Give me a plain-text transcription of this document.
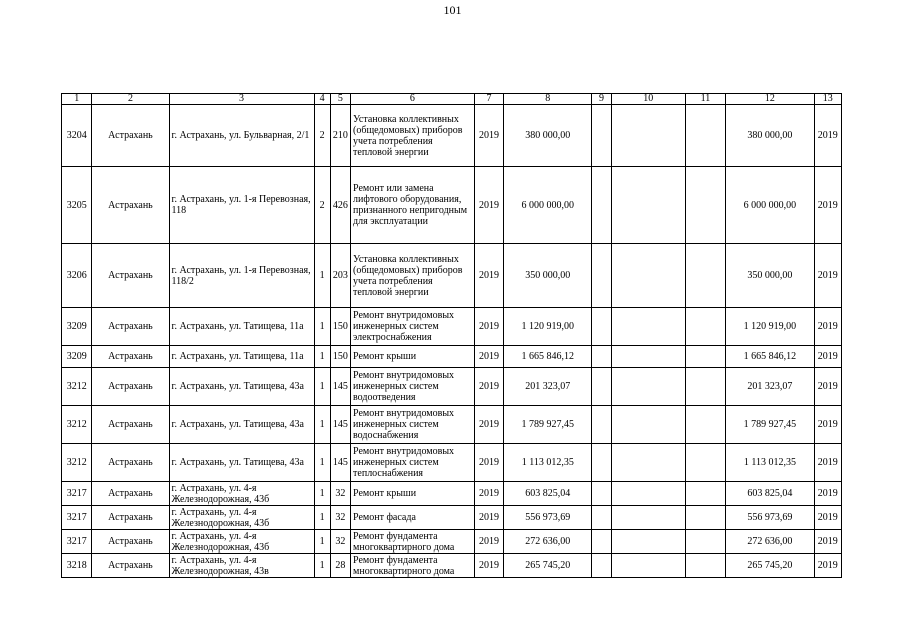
101
1	2	3	4	5	6	7	8	9	10	11	12	13
3204	Астрахань	г. Астрахань, ул. Бульварная, 2/1	2	210	Установка коллективных (общедомовых) приборов учета потребления тепловой энергии	2019	380 000,00				380 000,00	2019
3205	Астрахань	г. Астрахань, ул. 1-я Перевозная, 118	2	426	Ремонт или замена лифтового оборудования, признанного непригодным для эксплуатации	2019	6 000 000,00				6 000 000,00	2019
3206	Астрахань	г. Астрахань, ул. 1-я Перевозная, 118/2	1	203	Установка коллективных (общедомовых) приборов учета потребления тепловой энергии	2019	350 000,00				350 000,00	2019
3209	Астрахань	г. Астрахань, ул. Татищева, 11а	1	150	Ремонт внутридомовых инженерных систем электроснабжения	2019	1 120 919,00				1 120 919,00	2019
3209	Астрахань	г. Астрахань, ул. Татищева, 11а	1	150	Ремонт крыши	2019	1 665 846,12				1 665 846,12	2019
3212	Астрахань	г. Астрахань, ул. Татищева, 43а	1	145	Ремонт внутридомовых инженерных систем водоотведения	2019	201 323,07				201 323,07	2019
3212	Астрахань	г. Астрахань, ул. Татищева, 43а	1	145	Ремонт внутридомовых инженерных систем водоснабжения	2019	1 789 927,45				1 789 927,45	2019
3212	Астрахань	г. Астрахань, ул. Татищева, 43а	1	145	Ремонт внутридомовых инженерных систем теплоснабжения	2019	1 113 012,35				1 113 012,35	2019
3217	Астрахань	г. Астрахань, ул. 4-я Железнодорожная, 43б	1	32	Ремонт крыши	2019	603 825,04				603 825,04	2019
3217	Астрахань	г. Астрахань, ул. 4-я Железнодорожная, 43б	1	32	Ремонт фасада	2019	556 973,69				556 973,69	2019
3217	Астрахань	г. Астрахань, ул. 4-я Железнодорожная, 43б	1	32	Ремонт фундамента многоквартирного дома	2019	272 636,00				272 636,00	2019
3218	Астрахань	г. Астрахань, ул. 4-я Железнодорожная, 43в	1	28	Ремонт фундамента многоквартирного дома	2019	265 745,20				265 745,20	2019
